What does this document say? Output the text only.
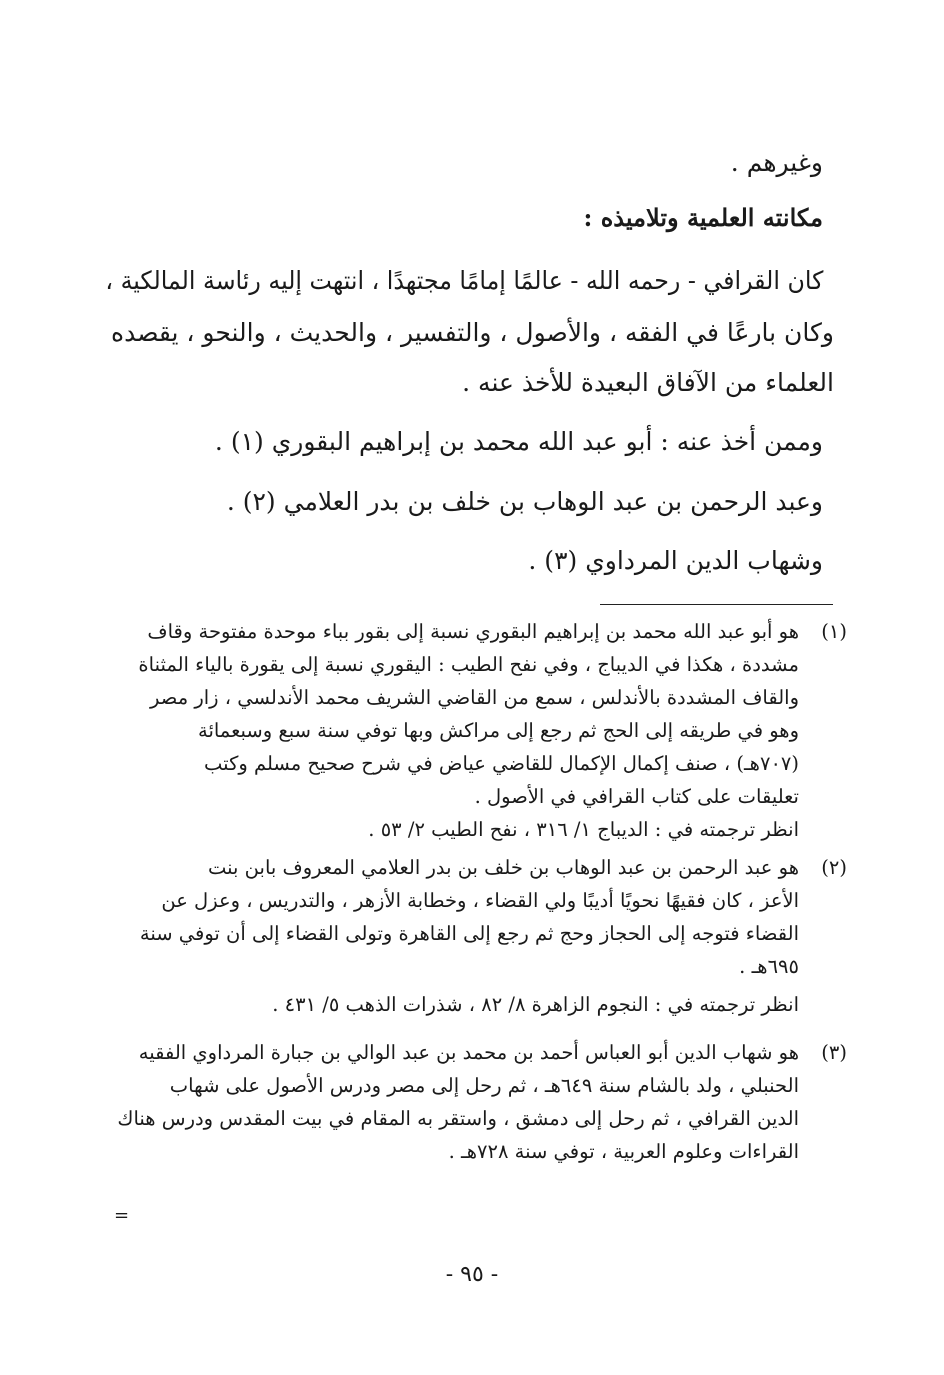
وغيرهم .
مكانته العلمية وتلاميذه :
كان القرافي - رحمه الله - عالمًا إمامًا مجتهدًا ، انتهت إليه رئاسة المالكية ،
وكان بارعًا في الفقه ، والأصول ، والتفسير ، والحديث ، والنحو ، يقصده
العلماء من الآفاق البعيدة للأخذ عنه .
وممن أخذ عنه : أبو عبد الله محمد بن إبراهيم البقوري (١) .
وعبد الرحمن بن عبد الوهاب بن خلف بن بدر العلامي (٢) .
وشهاب الدين المرداوي (٣) .
(١)
هو أبو عبد الله محمد بن إبراهيم البقوري نسبة إلى بقور بباء موحدة مفتوحة وقاف
مشددة ، هكذا في الديباج ، وفي نفح الطيب : اليقوري نسبة إلى يقورة بالياء المثناة
والقاف المشددة بالأندلس ، سمع من القاضي الشريف محمد الأندلسي ، زار مصر
وهو في طريقه إلى الحج ثم رجع إلى مراكش وبها توفي سنة سبع وسبعمائة
(٧٠٧هـ) ، صنف إكمال الإكمال للقاضي عياض في شرح صحيح مسلم وكتب
تعليقات على كتاب القرافي في الأصول .
انظر ترجمته في : الديباج ١/ ٣١٦ ، نفح الطيب ٢/ ٥٣ .
(٢)
هو عبد الرحمن بن عبد الوهاب بن خلف بن بدر العلامي المعروف بابن بنت
الأعز ، كان فقيهًا نحويًا أديبًا ولي القضاء ، وخطابة الأزهر ، والتدريس ، وعزل عن
القضاء فتوجه إلى الحجاز وحج ثم رجع إلى القاهرة وتولى القضاء إلى أن توفي سنة
٦٩٥هـ .
انظر ترجمته في : النجوم الزاهرة ٨/ ٨٢ ، شذرات الذهب ٥/ ٤٣١ .
(٣)
هو شهاب الدين أبو العباس أحمد بن محمد بن عبد الوالي بن جبارة المرداوي الفقيه
الحنبلي ، ولد بالشام سنة ٦٤٩هـ ، ثم رحل إلى مصر ودرس الأصول على شهاب
الدين القرافي ، ثم رحل إلى دمشق ، واستقر به المقام في بيت المقدس ودرس هناك
القراءات وعلوم العربية ، توفي سنة ٧٢٨هـ .
=
- ٩٥ -
